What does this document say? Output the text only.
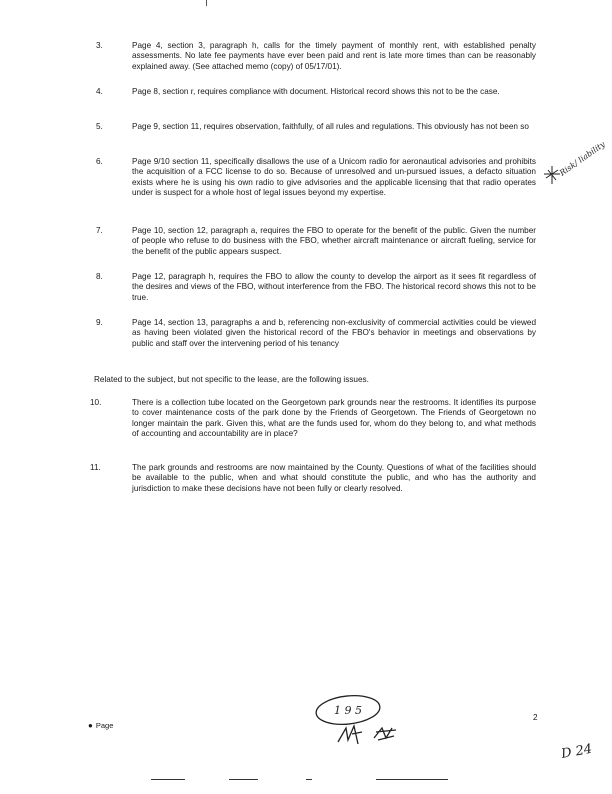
3.	Page 4, section 3, paragraph h, calls for the timely payment of monthly rent, with established penalty assessments. No late fee payments have ever been paid and rent is late more times than can be reasonably explained away. (See attached memo (copy) of 05/17/01).
4.	Page 8, section r, requires compliance with document. Historical record shows this not to be the case.
5.	Page 9, section 11, requires observation, faithfully, of all rules and regulations. This obviously has not been so
6.	Page 9/10 section 11, specifically disallows the use of a Unicom radio for aeronautical advisories and prohibits the acquisition of a FCC license to do so. Because of unresolved and un-pursued issues, a defacto situation exists where he is using his own radio to give advisories and the applicable licensing that that radio operates under is suspect for a whole host of legal issues beyond my expertise.
7.	Page 10, section 12, paragraph a, requires the FBO to operate for the benefit of the public. Given the number of people who refuse to do business with the FBO, whether aircraft maintenance or aircraft fueling, service for the benefit of the public appears suspect.
8.	Page 12, paragraph h, requires the FBO to allow the county to develop the airport as it sees fit regardless of the desires and views of the FBO, without interference from the FBO. The historical record shows this not to be true.
9.	Page 14, section 13, paragraphs a and b, referencing non-exclusivity of commercial activities could be viewed as having been violated given the historical record of the FBO's behavior in meetings and observations by public and staff over the intervening period of his tenancy
Related to the subject, but not specific to the lease, are the following issues.
10.	There is a collection tube located on the Georgetown park grounds near the restrooms. It identifies its purpose to cover maintenance costs of the park done by the Friends of Georgetown. The Friends of Georgetown no longer maintain the park. Given this, what are the funds used for, whom do they belong to, and what methods of accounting and accountability are in place?
11.	The park grounds and restrooms are now maintained by the County. Questions of what of the facilities should be available to the public, when and what should constitute the public, and who has the authority and jurisdiction to make these decisions have not been fully or clearly resolved.
Risk/ liability
1 9 5
D 24
● Page
2
